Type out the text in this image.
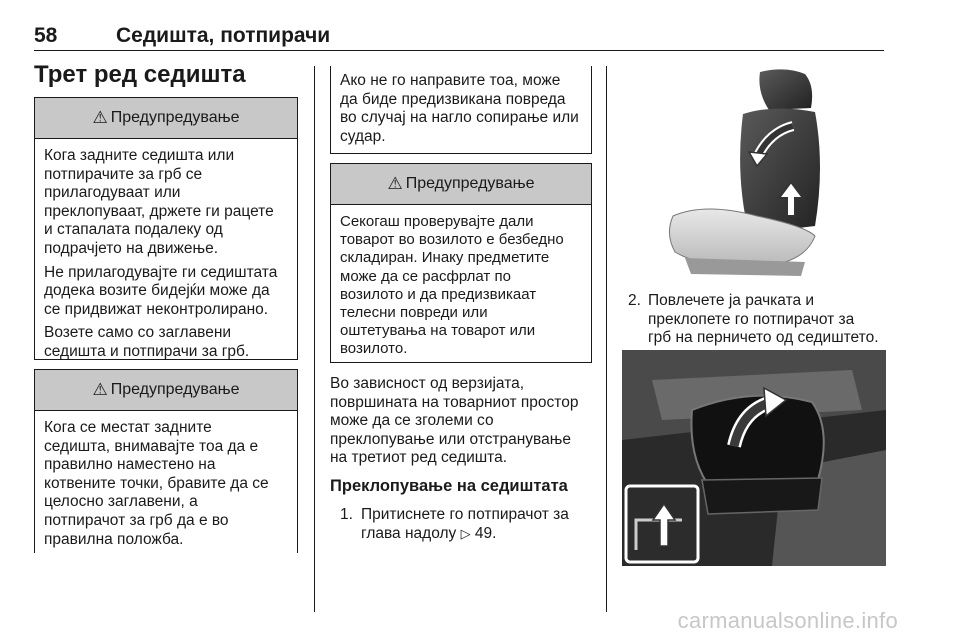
58	Седишта, потпирачи
Трет ред седишта
⚠ Предупредување

Кога задните седишта или
потпирачите за грб се
прилагодуваат или
преклопуваат, држете ги рацете
и стапалата подалеку од
подрачјето на движење.

Не прилагодувајте ги седиштата
додека возите бидејќи може да
се придвижат неконтролирано.

Возете само со заглавени
седишта и потпирачи за грб.

⚠ Предупредување

Кога се местат задните
седишта, внимавајте тоа да е
правилно наместено на
котвените точки, бравите да се
целосно заглавени, а
потпирачот за грб да е во
правилна положба.

Ако не го направите тоа, може
да биде предизвикана повреда
во случај на нагло сопирање или
судар.

⚠ Предупредување

Секогаш проверувајте дали
товарот во возилото е безбедно
складиран. Инаку предметите
може да се расфрлат по
возилото и да предизвикаат
телесни повреди или
оштетувања на товарот или
возилото.

Во зависност од верзијата,
површината на товарниот простор
може да се зголеми со
преклопување или отстранување
на третиот ред седишта.
Преклопување на седиштата
1. Притиснете го потпирачот за
глава надолу ▷ 49.
2. Повлечете ја рачката и
преклопете го потпирачот за
грб на перничето од седиштето.
carmanualsonline.info
